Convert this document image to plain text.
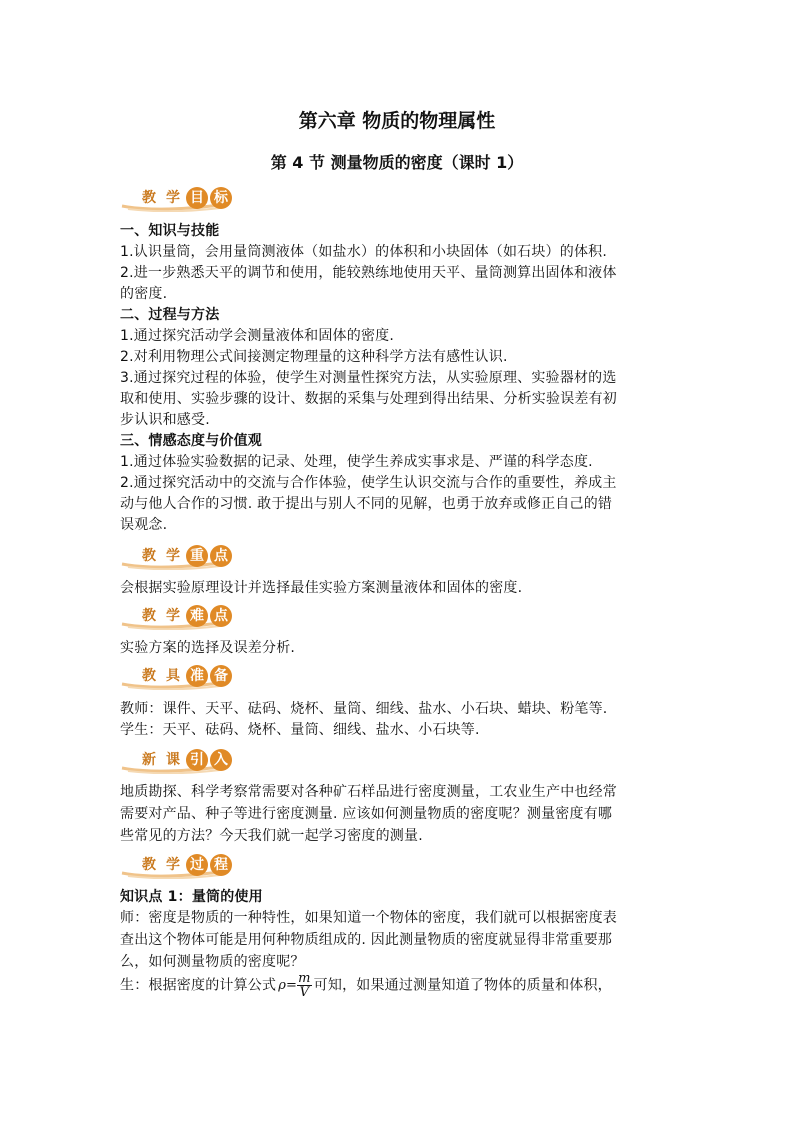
第六章 物质的物理属性
第 4 节 测量物质的密度（课时 1）
教 学 目 标
一、知识与技能
1.认识量筒，会用量筒测液体（如盐水）的体积和小块固体（如石块）的体积.
2.进一步熟悉天平的调节和使用，能较熟练地使用天平、量筒测算出固体和液体
的密度.
二、过程与方法
1.通过探究活动学会测量液体和固体的密度.
2.对利用物理公式间接测定物理量的这种科学方法有感性认识.
3.通过探究过程的体验，使学生对测量性探究方法，从实验原理、实验器材的选
取和使用、实验步骤的设计、数据的采集与处理到得出结果、分析实验误差有初
步认识和感受.
三、情感态度与价值观
1.通过体验实验数据的记录、处理，使学生养成实事求是、严谨的科学态度.
2.通过探究活动中的交流与合作体验，使学生认识交流与合作的重要性，养成主
动与他人合作的习惯. 敢于提出与别人不同的见解，也勇于放弃或修正自己的错
误观念.
教 学 重 点
会根据实验原理设计并选择最佳实验方案测量液体和固体的密度.
教 学 难 点
实验方案的选择及误差分析.
教 具 准 备
教师：课件、天平、砝码、烧杯、量筒、细线、盐水、小石块、蜡块、粉笔等.
学生：天平、砝码、烧杯、量筒、细线、盐水、小石块等.
新 课 引 入
地质勘探、科学考察常需要对各种矿石样品进行密度测量，工农业生产中也经常
需要对产品、种子等进行密度测量. 应该如何测量物质的密度呢？测量密度有哪
些常见的方法？今天我们就一起学习密度的测量.
教 学 过 程
知识点 1：量筒的使用
师：密度是物质的一种特性，如果知道一个物体的密度，我们就可以根据密度表
查出这个物体可能是用何种物质组成的. 因此测量物质的密度就显得非常重要那
么，如何测量物质的密度呢？
生：根据密度的计算公式 $\rho= \frac{m}{V}$ 可知，如果通过测量知道了物体的质量和体积，
